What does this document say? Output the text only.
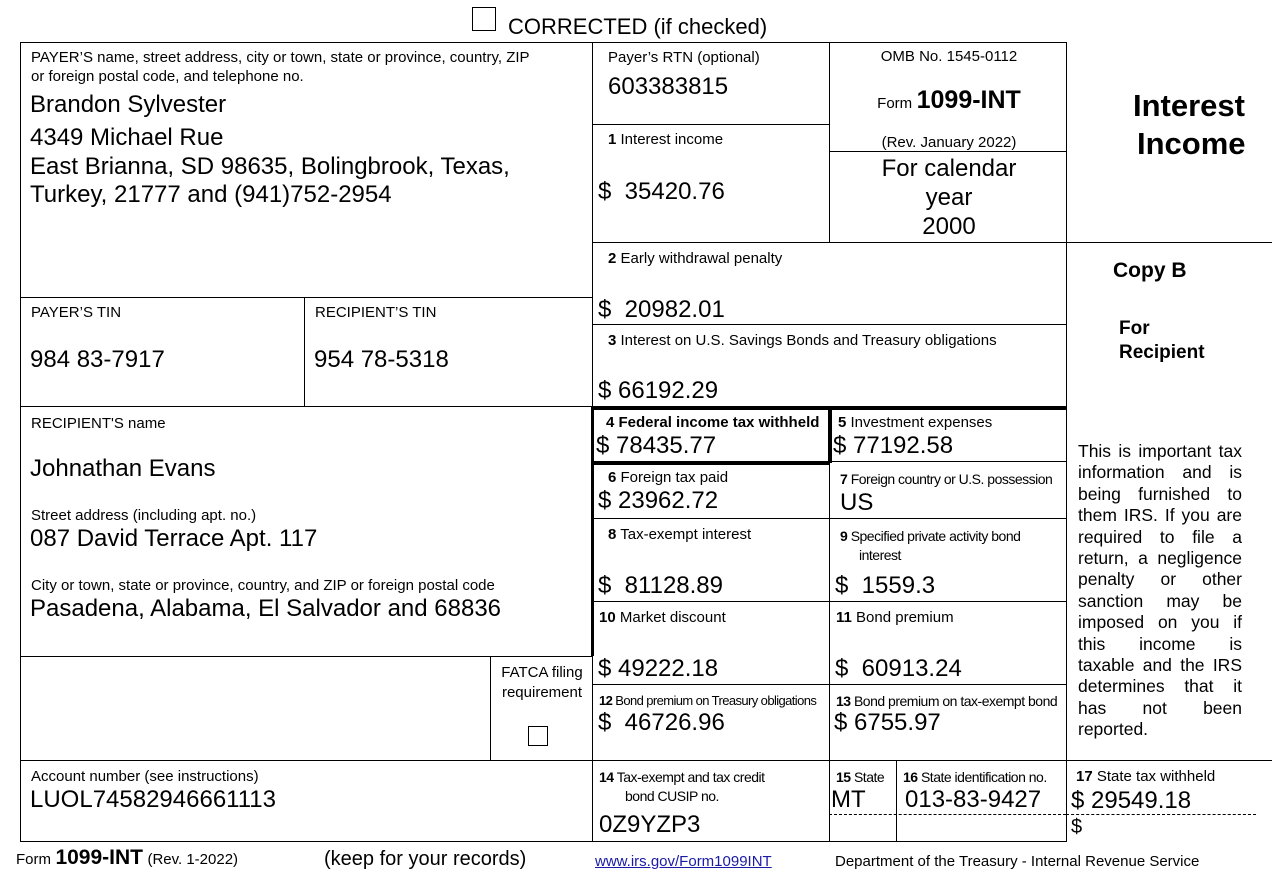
CORRECTED (if checked)
PAYER’S name, street address, city or town, state or province, country, ZIP
or foreign postal code, and telephone no.
Brandon Sylvester
4349 Michael Rue
East Brianna, SD 98635, Bolingbrook, Texas,
Turkey, 21777 and (941)752-2954
Payer’s RTN (optional)
603383815
OMB No. 1545-0112
Form 1099-INT
(Rev. January 2022)
For calendar
year
2000
Interest
Income
Copy B
For
Recipient
This is important tax information and is being furnished to them IRS. If you are required to file a return, a negligence penalty or other sanction may be imposed on you if this income is taxable and the IRS determines that it has not been reported.
PAYER’S TIN
984 83-7917
RECIPIENT’S TIN
954 78-5318
RECIPIENT'S name
Johnathan Evans
Street address (including apt. no.)
087 David Terrace Apt. 117
City or town, state or province, country, and ZIP or foreign postal code
Pasadena, Alabama, El Salvador and 68836
FATCA filing
requirement
Account number (see instructions)
LUOL74582946661113
1 Interest income
$  35420.76
2 Early withdrawal penalty
$  20982.01
3 Interest on U.S. Savings Bonds and Treasury obligations
$ 66192.29
4 Federal income tax withheld
$ 78435.77
5 Investment expenses
$ 77192.58
6 Foreign tax paid
$ 23962.72
7 Foreign country or U.S. possession
US
8 Tax-exempt interest
$  81128.89
9 Specified private activity bond
interest
$  1559.3
10 Market discount
$ 49222.18
11 Bond premium
$  60913.24
12 Bond premium on Treasury obligations
$  46726.96
13 Bond premium on tax-exempt bond
$ 6755.97
14 Tax-exempt and tax credit
bond CUSIP no.
0Z9YZP3
15 State
MT
16 State identification no.
013-83-9427
17 State tax withheld
$ 29549.18
$
Form 1099-INT (Rev. 1-2022)	(keep for your records)	www.irs.gov/Form1099INT	Department of the Treasury - Internal Revenue Service
